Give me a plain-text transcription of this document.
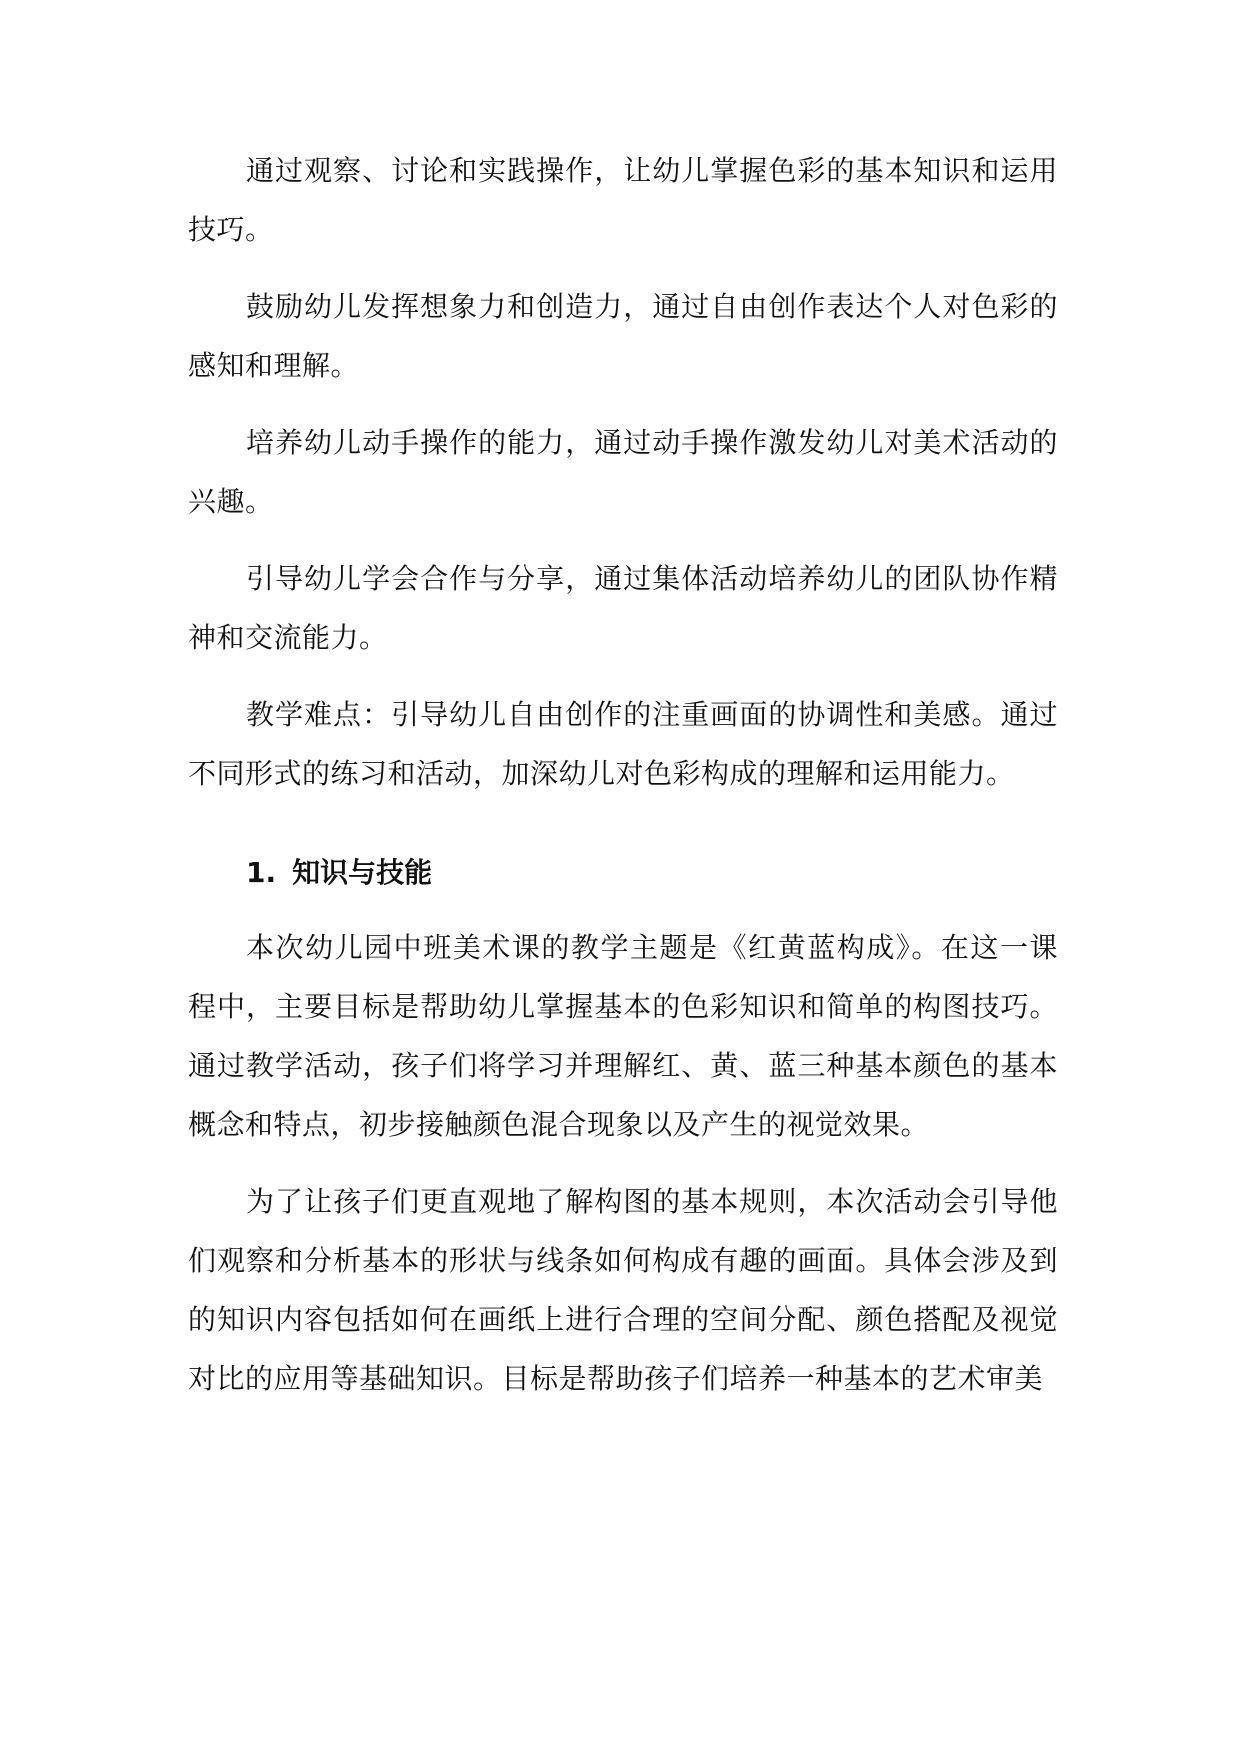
通过观察、讨论和实践操作，让幼儿掌握色彩的基本知识和运用技巧。

鼓励幼儿发挥想象力和创造力，通过自由创作表达个人对色彩的感知和理解。

培养幼儿动手操作的能力，通过动手操作激发幼儿对美术活动的兴趣。

引导幼儿学会合作与分享，通过集体活动培养幼儿的团队协作精神和交流能力。

教学难点：引导幼儿自由创作的注重画面的协调性和美感。通过不同形式的练习和活动，加深幼儿对色彩构成的理解和运用能力。

1. 知识与技能

本次幼儿园中班美术课的教学主题是《红黄蓝构成》。在这一课程中，主要目标是帮助幼儿掌握基本的色彩知识和简单的构图技巧。通过教学活动，孩子们将学习并理解红、黄、蓝三种基本颜色的基本概念和特点，初步接触颜色混合现象以及产生的视觉效果。

为了让孩子们更直观地了解构图的基本规则，本次活动会引导他们观察和分析基本的形状与线条如何构成有趣的画面。具体会涉及到的知识内容包括如何在画纸上进行合理的空间分配、颜色搭配及视觉对比的应用等基础知识。目标是帮助孩子们培养一种基本的艺术审美
